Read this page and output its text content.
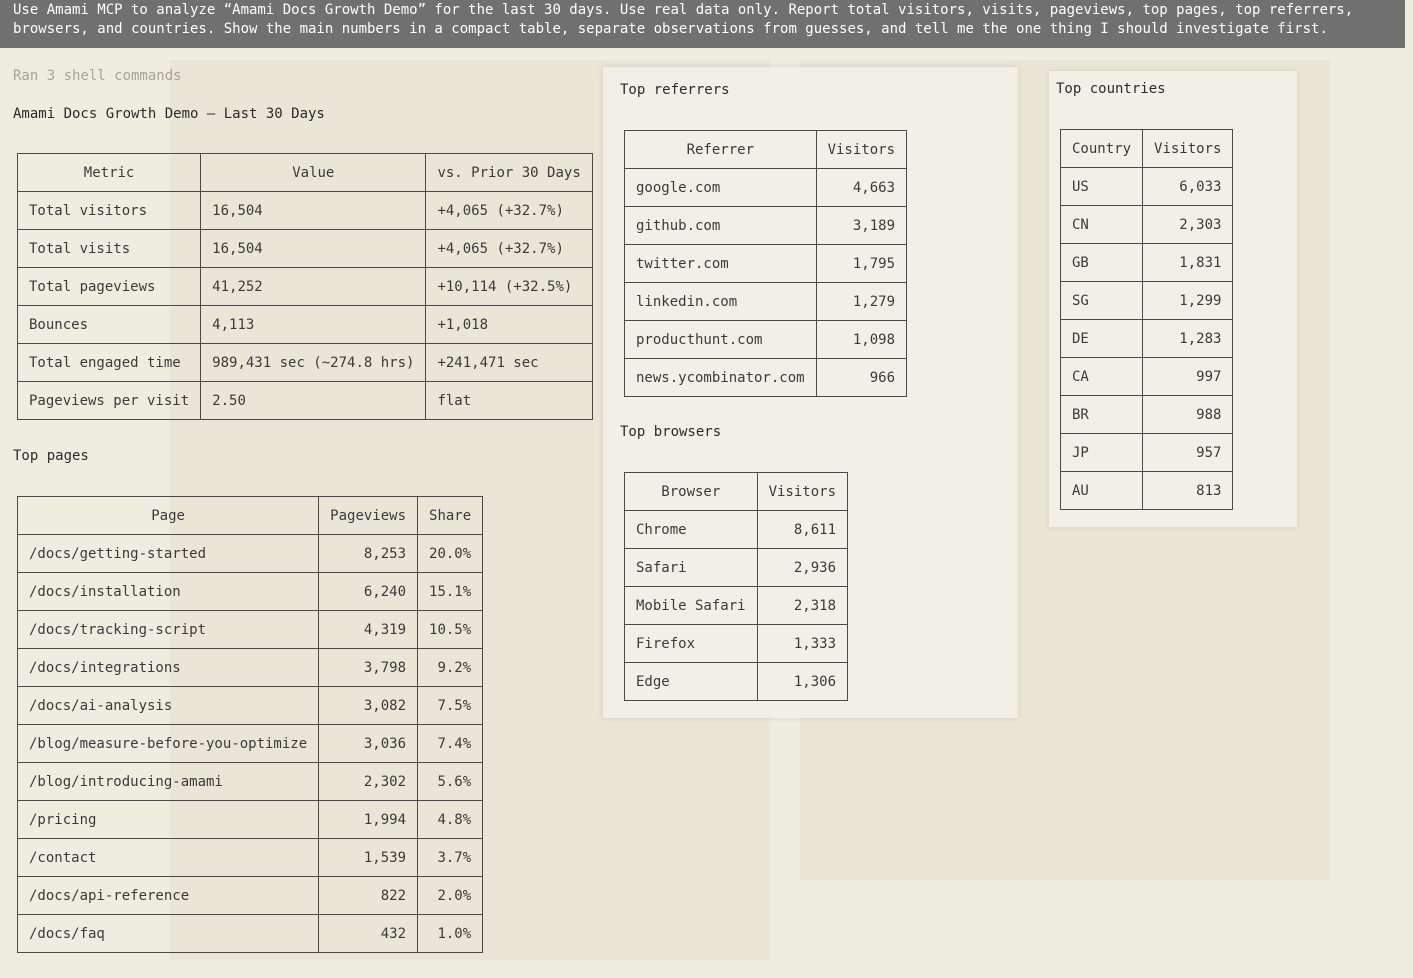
Use Amami MCP to analyze “Amami Docs Growth Demo” for the last 30 days. Use real data only. Report total visitors, visits, pageviews, top pages, top referrers, browsers, and countries. Show the main numbers in a compact table, separate observations from guesses, and tell me the one thing I should investigate first.
Ran 3 shell commands
Amami Docs Growth Demo — Last 30 Days
Metric	Value	vs. Prior 30 Days
Total visitors	16,504	+4,065 (+32.7%)
Total visits	16,504	+4,065 (+32.7%)
Total pageviews	41,252	+10,114 (+32.5%)
Bounces	4,113	+1,018
Total engaged time	989,431 sec (~274.8 hrs)	+241,471 sec
Pageviews per visit	2.50	flat
Top pages
Page	Pageviews	Share
/docs/getting-started	8,253	20.0%
/docs/installation	6,240	15.1%
/docs/tracking-script	4,319	10.5%
/docs/integrations	3,798	9.2%
/docs/ai-analysis	3,082	7.5%
/blog/measure-before-you-optimize	3,036	7.4%
/blog/introducing-amami	2,302	5.6%
/pricing	1,994	4.8%
/contact	1,539	3.7%
/docs/api-reference	822	2.0%
/docs/faq	432	1.0%
Top referrers
Referrer	Visitors
google.com	4,663
github.com	3,189
twitter.com	1,795
linkedin.com	1,279
producthunt.com	1,098
news.ycombinator.com	966
Top browsers
Browser	Visitors
Chrome	8,611
Safari	2,936
Mobile Safari	2,318
Firefox	1,333
Edge	1,306
Top countries
Country	Visitors
US	6,033
CN	2,303
GB	1,831
SG	1,299
DE	1,283
CA	997
BR	988
JP	957
AU	813
